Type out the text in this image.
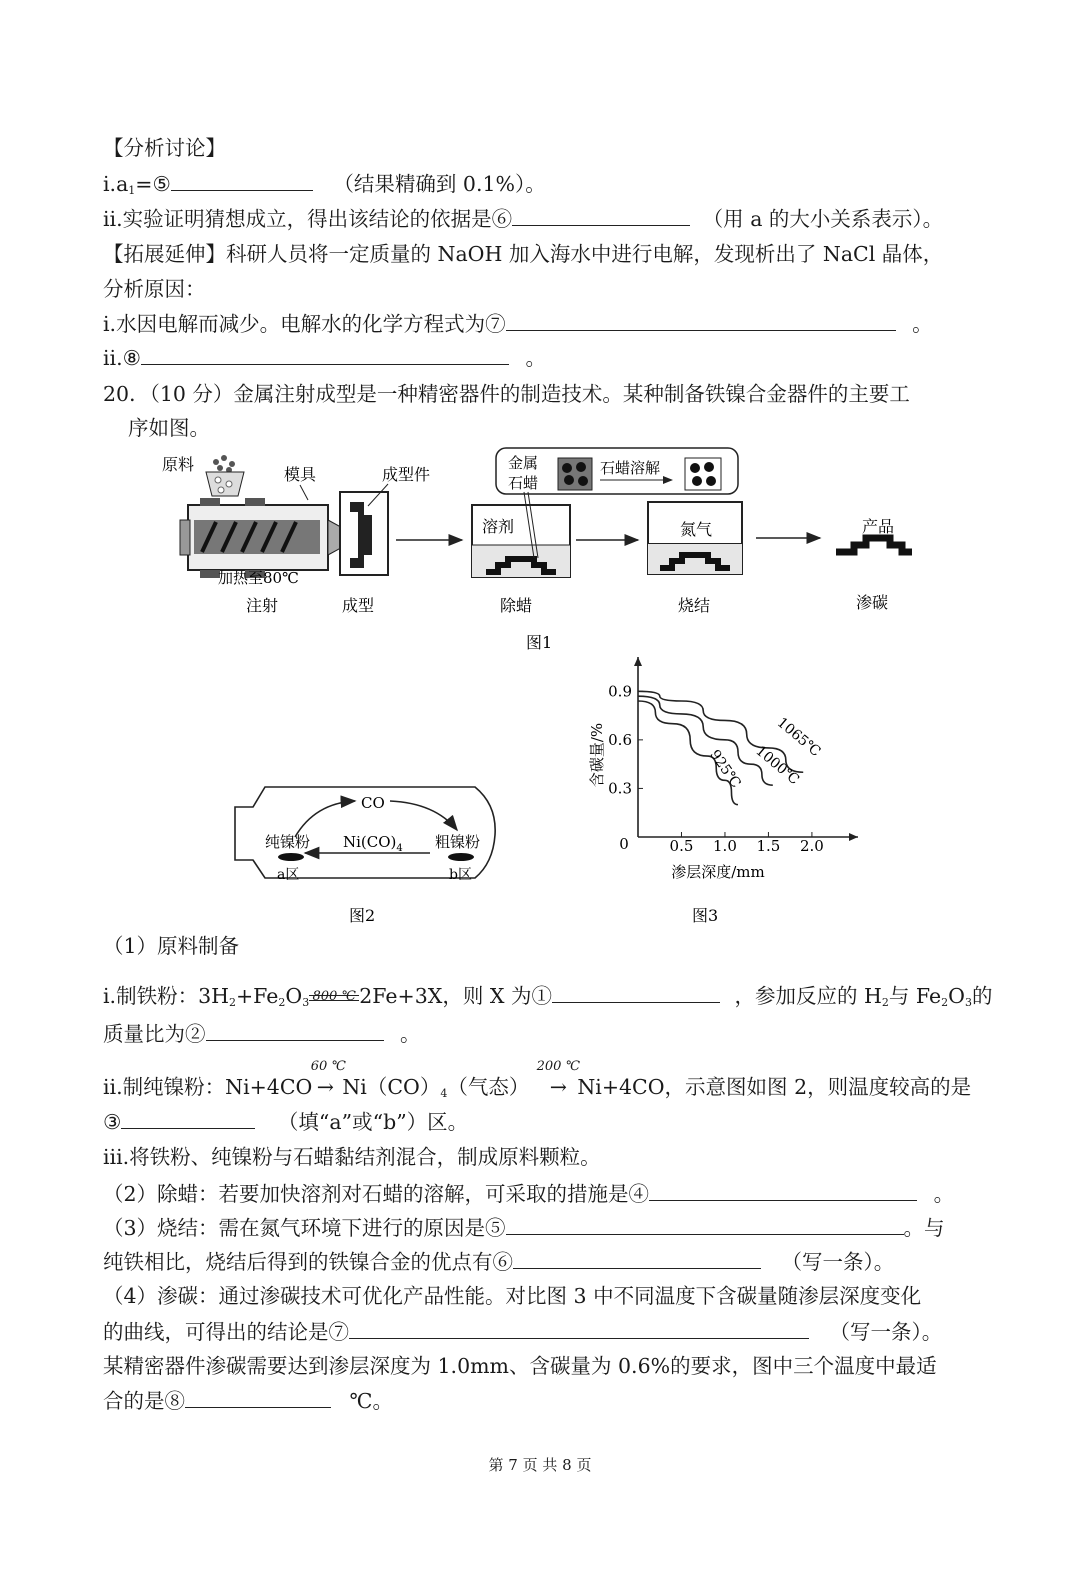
【分析讨论】
$ⅰ.a_1=⑤$	（结果精确到 0.1%）。
ⅱ.实验证明猜想成立，得出该结论的依据是⑥	（用 a 的大小关系表示）。
【拓展延伸】科研人员将一定质量的 NaOH 加入海水中进行电解，发现析出了 NaCl 晶体，
分析原因：
ⅰ.水因电解而减少。电解水的化学方程式为⑦	。
ⅱ.⑧	。
20．（10 分）金属注射成型是一种精密器件的制造技术。某种制备铁镍合金器件的主要工
序如图。
原料
模具	成型件
加热至80℃
注射	成型
金属
石蜡
石蜡溶解
溶剂
除蜡
氮气
烧结
产品
渗碳
图1
CO
纯镍粉 $Ni(CO)_4$ 粗镍粉
a区	b区
图2
含碳量/%
渗层深度/mm
0
图3
0.5 1.0 1.5 2.0
0.3
0.6
0.9
1065℃
1000℃
925℃
（1）原料制备
ⅰ.制铁粉：$3H_2+Fe_2O_3$ 800 ℃ 2Fe+3X，则 X 为①	，参加反应的 $H_2$与 $Fe_2O_3$的
质量比为②	。
ⅱ.制纯镍粉：Ni+4CO
60 ℃
→ $Ni(CO)_4$（气态）
200 ℃
→ Ni+4CO，示意图如图 2，则温度较高的是
③	（填“a”或“b”）区。
ⅲ.将铁粉、纯镍粉与石蜡黏结剂混合，制成原料颗粒。
（2）除蜡：若要加快溶剂对石蜡的溶解，可采取的措施是④	。
（3）烧结：需在氮气环境下进行的原因是⑤	。与
纯铁相比，烧结后得到的铁镍合金的优点有⑥	（写一条）。
（4）渗碳：通过渗碳技术可优化产品性能。对比图 3 中不同温度下含碳量随渗层深度变化
的曲线，可得出的结论是⑦	（写一条）。
某精密器件渗碳需要达到渗层深度为 1.0mm、含碳量为 0.6%的要求，图中三个温度中最适
合的是⑧	℃。
第 7 页 共 8 页
